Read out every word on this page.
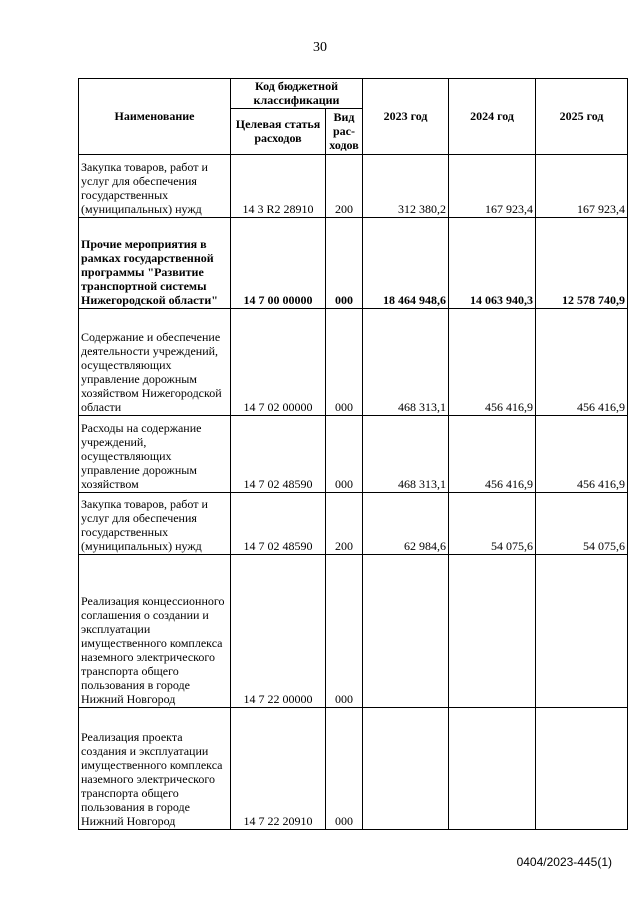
30
Наименование	Код бюджетной классификации		2023 год	2024 год	2025 год
	Целевая статья расходов	Вид рас-ходов			
Закупка товаров, работ и услуг для обеспечения государственных (муниципальных) нужд	14 3 R2 28910	200	312 380,2	167 923,4	167 923,4
Прочие мероприятия в рамках государственной программы "Развитие транспортной системы Нижегородской области"	14 7 00 00000	000	18 464 948,6	14 063 940,3	12 578 740,9
Содержание и обеспечение деятельности учреждений, осуществляющих управление дорожным хозяйством Нижегородской области	14 7 02 00000	000	468 313,1	456 416,9	456 416,9
Расходы на содержание учреждений, осуществляющих управление дорожным хозяйством	14 7 02 48590	000	468 313,1	456 416,9	456 416,9
Закупка товаров, работ и услуг для обеспечения государственных (муниципальных) нужд	14 7 02 48590	200	62 984,6	54 075,6	54 075,6
Реализация концессионного соглашения о создании и эксплуатации имущественного комплекса наземного электрического транспорта общего пользования в городе Нижний Новгород	14 7 22 00000	000			
Реализация проекта создания и эксплуатации имущественного комплекса наземного электрического транспорта общего пользования в городе Нижний Новгород	14 7 22 20910	000			
0404/2023-445(1)
